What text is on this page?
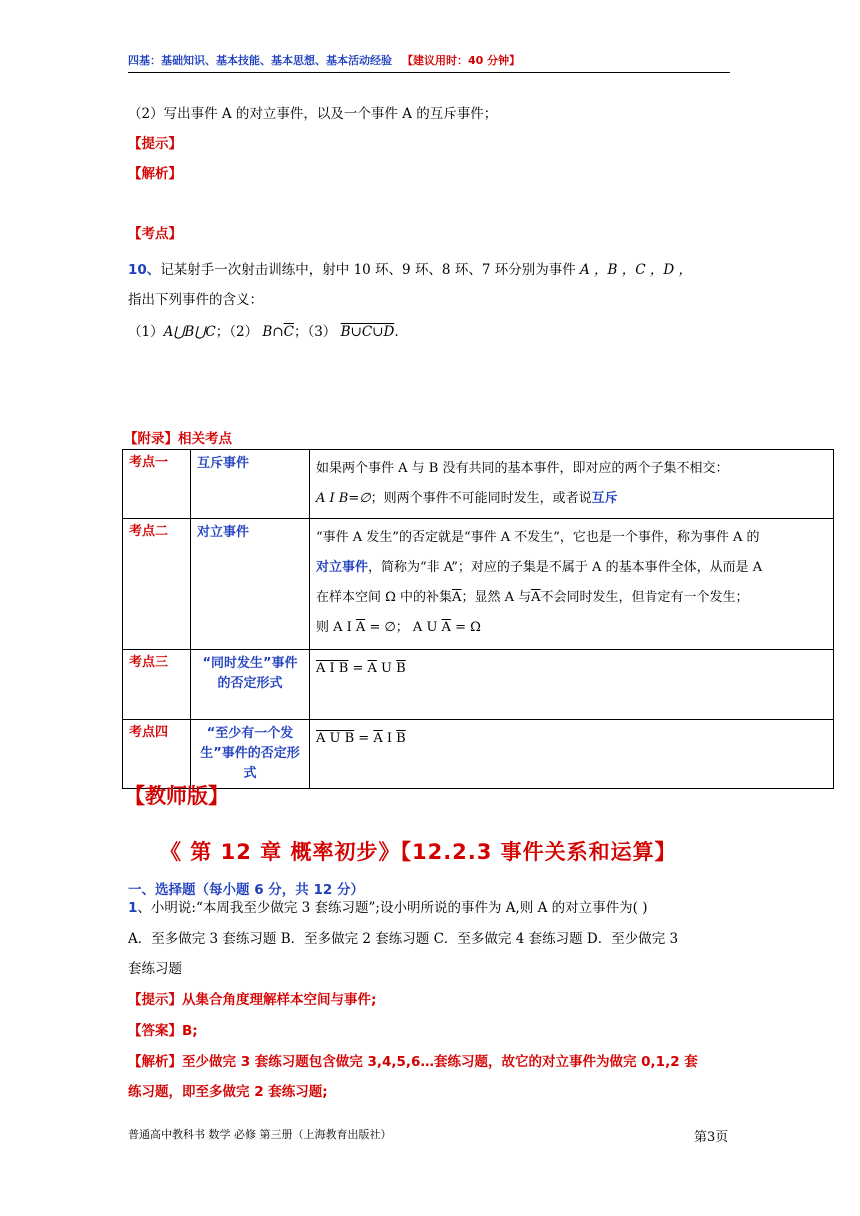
四基：基础知识、基本技能、基本思想、基本活动经验 【建议用时：40 分钟】
（2）写出事件 A 的对立事件，以及一个事件 A 的互斥事件；
【提示】
【解析】
【考点】
10、记某射手一次射击训练中，射中 10 环、9 环、8 环、7 环分别为事件 A ，B ，C ，D ，
指出下列事件的含义：
（1）A⋃B⋃C；（2） $B\cap\overline{C}$；（3） B∪C∪D.
【附录】相关考点
考点一	互斥事件	如果两个事件 A 与 B 没有共同的基本事件，即对应的两个子集不相交：
A Ι B=∅；则两个事件不可能同时发生，或者说互斥

考点二	对立事件	“事件 A 发生”的否定就是“事件 A 不发生”，它也是一个事件，称为事件 A 的
对立事件，简称为“非 A”；对应的子集是不属于 A 的基本事件全体，从而是 A
在样本空间 Ω 中的补集$\overline{A}$；显然 A 与$\overline{A}$不会同时发生，但肯定有一个发生；
则 A Ι $\overline{A}$ = ∅； A U $\overline{A} = \Omega$

考点三	“同时发生”事件的否定形式	A Ι $B = \overline{A}$ U $\overline{B}$
考点四	“至少有一个发生”事件的否定形式	A U $B = \overline{A}$ Ι $\overline{B}$
【教师版】
《 第 12 章 概率初步》【12.2.3 事件关系和运算】
一、选择题（每小题 6 分，共 12 分）
1、小明说:“本周我至少做完 3 套练习题”;设小明所说的事件为 A,则 A 的对立事件为( )
A．至多做完 3 套练习题 B．至多做完 2 套练习题 C．至多做完 4 套练习题 D．至少做完 3
套练习题
【提示】从集合角度理解样本空间与事件;
【答案】B;
【解析】至少做完 3 套练习题包含做完 3,4,5,6…套练习题，故它的对立事件为做完 0,1,2 套
练习题，即至多做完 2 套练习题;
普通高中教科书 数学 必修 第三册（上海教育出版社）	第3页
